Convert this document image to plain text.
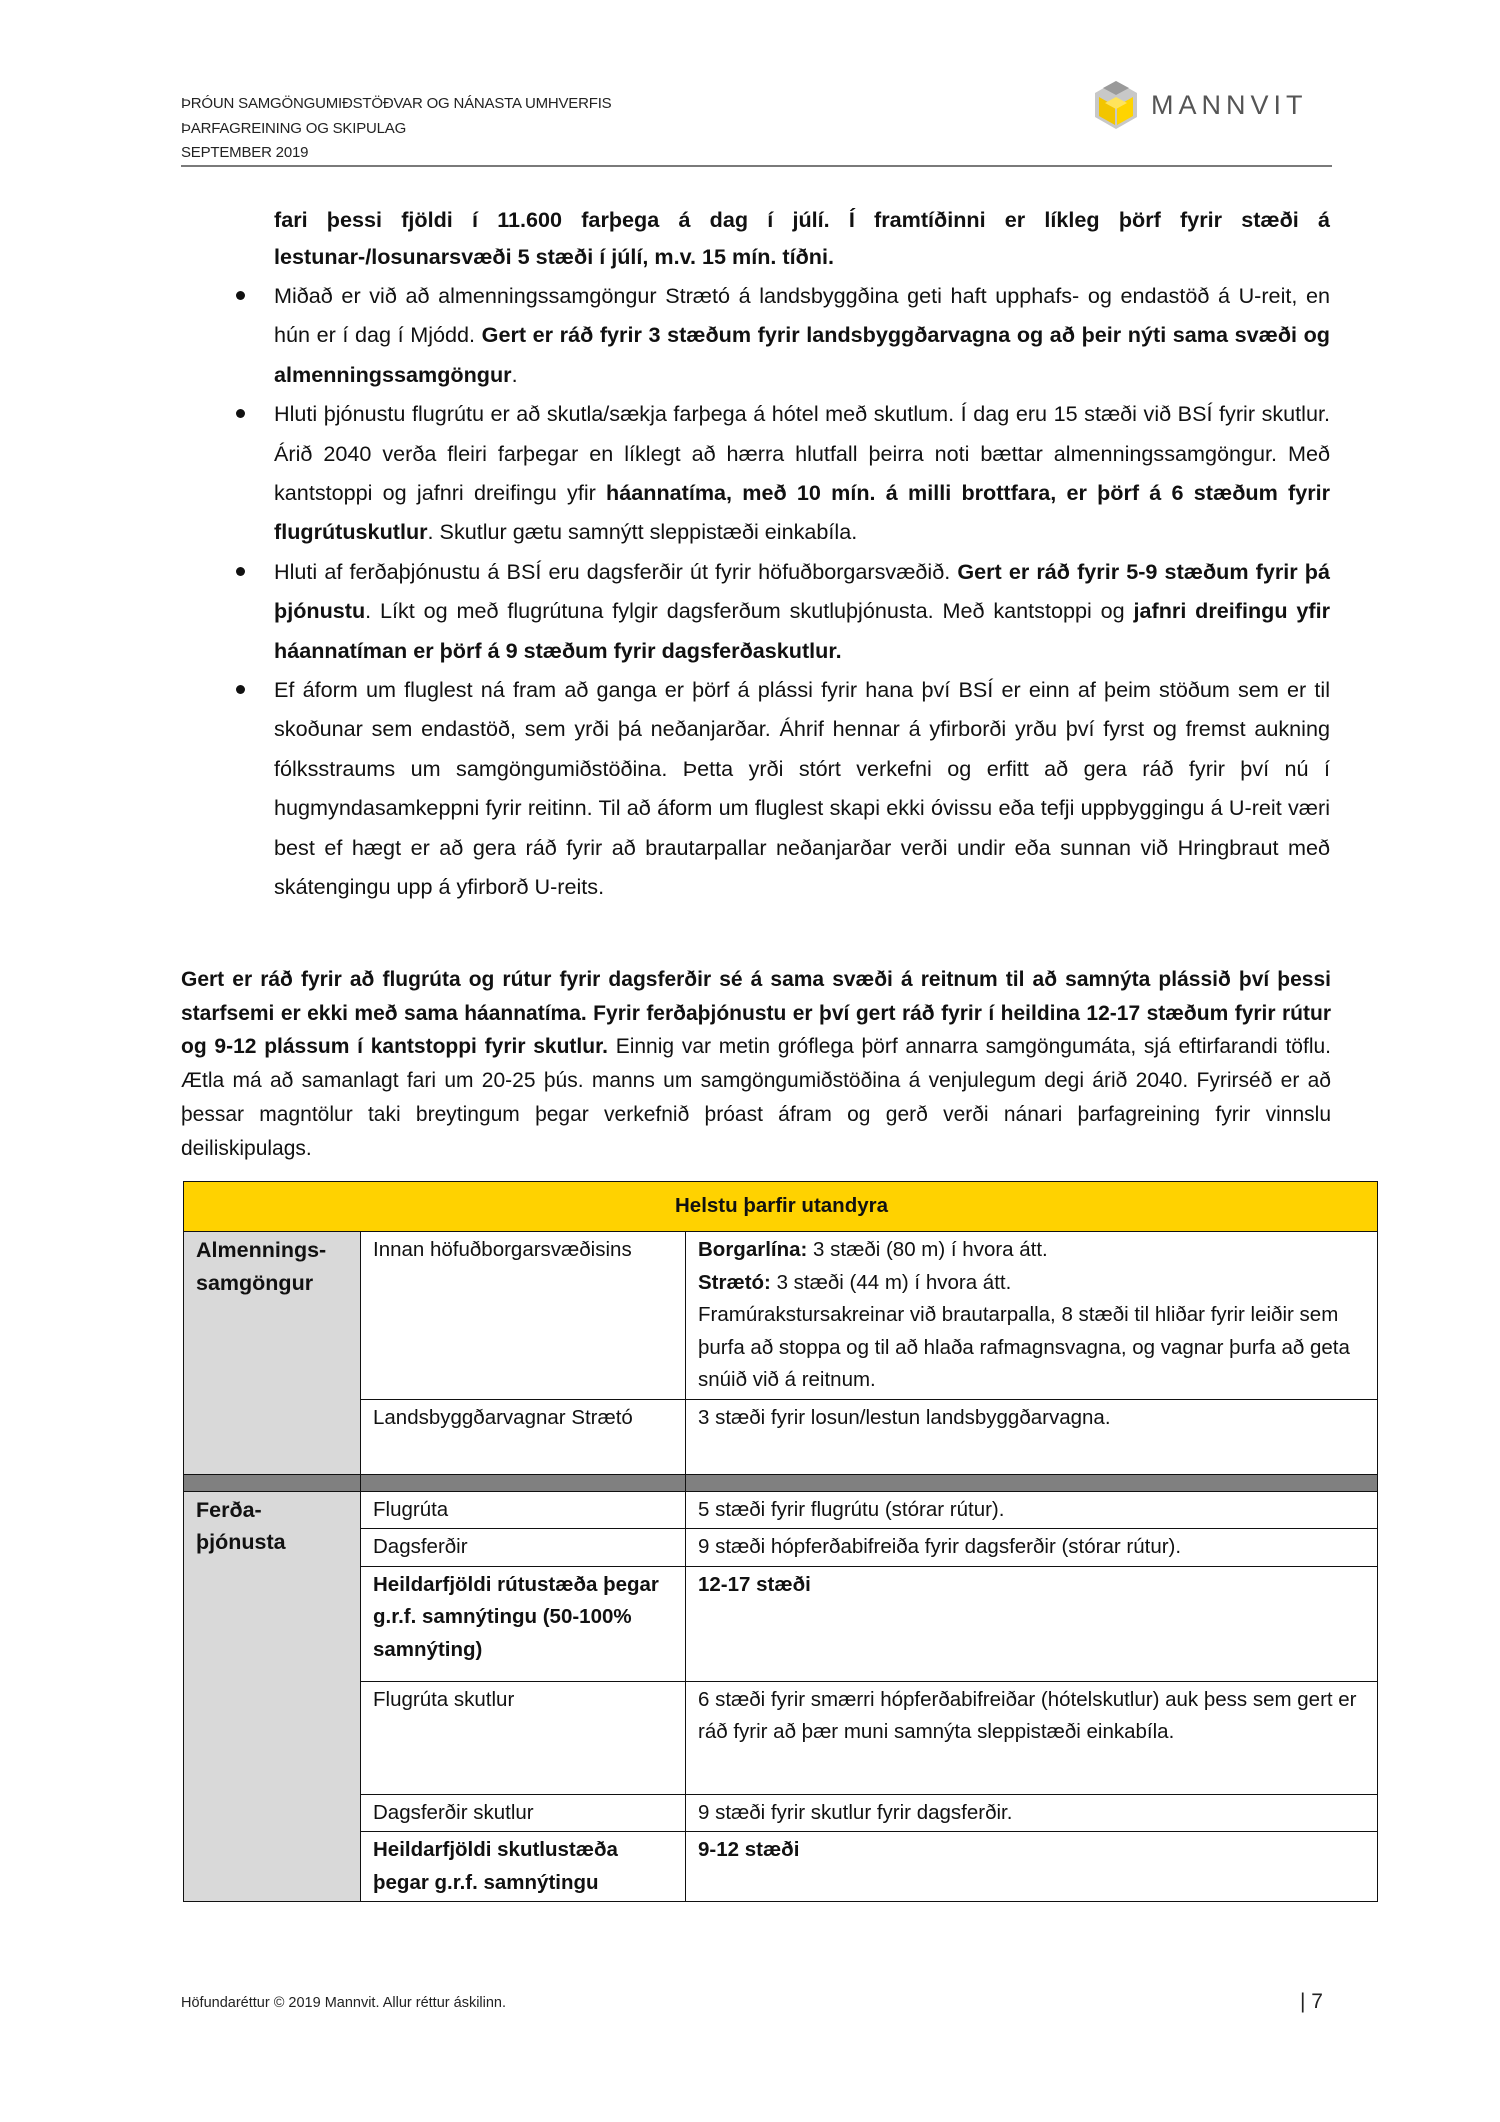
ÞRÓUN SAMGÖNGUMIÐSTÖÐVAR OG NÁNASTA UMHVERFIS
ÞARFAGREINING OG SKIPULAG
SEPTEMBER 2019
MANNVIT
fari þessi fjöldi í 11.600 farþega á dag í júlí. Í framtíðinni er líkleg þörf fyrir stæði á lestunar-/losunarsvæði 5 stæði í júlí, m.v. 15 mín. tíðni.
Miðað er við að almenningssamgöngur Strætó á landsbyggðina geti haft upphafs- og endastöð á U-reit, en hún er í dag í Mjódd. Gert er ráð fyrir 3 stæðum fyrir landsbyggðarvagna og að þeir nýti sama svæði og almenningssamgöngur.
Hluti þjónustu flugrútu er að skutla/sækja farþega á hótel með skutlum. Í dag eru 15 stæði við BSÍ fyrir skutlur. Árið 2040 verða fleiri farþegar en líklegt að hærra hlutfall þeirra noti bættar almenningssamgöngur. Með kantstoppi og jafnri dreifingu yfir háannatíma, með 10 mín. á milli brottfara, er þörf á 6 stæðum fyrir flugrútuskutlur. Skutlur gætu samnýtt sleppistæði einkabíla.
Hluti af ferðaþjónustu á BSÍ eru dagsferðir út fyrir höfuðborgarsvæðið. Gert er ráð fyrir 5-9 stæðum fyrir þá þjónustu. Líkt og með flugrútuna fylgir dagsferðum skutluþjónusta. Með kantstoppi og jafnri dreifingu yfir háannatíman er þörf á 9 stæðum fyrir dagsferðaskutlur.
Ef áform um fluglest ná fram að ganga er þörf á plássi fyrir hana því BSÍ er einn af þeim stöðum sem er til skoðunar sem endastöð, sem yrði þá neðanjarðar. Áhrif hennar á yfirborði yrðu því fyrst og fremst aukning fólksstraums um samgöngumiðstöðina. Þetta yrði stórt verkefni og erfitt að gera ráð fyrir því nú í hugmyndasamkeppni fyrir reitinn. Til að áform um fluglest skapi ekki óvissu eða tefji uppbyggingu á U-reit væri best ef hægt er að gera ráð fyrir að brautarpallar neðanjarðar verði undir eða sunnan við Hringbraut með skátengingu upp á yfirborð U-reits.
Gert er ráð fyrir að flugrúta og rútur fyrir dagsferðir sé á sama svæði á reitnum til að samnýta plássið því þessi starfsemi er ekki með sama háannatíma. Fyrir ferðaþjónustu er því gert ráð fyrir í heildina 12-17 stæðum fyrir rútur og 9-12 plássum í kantstoppi fyrir skutlur. Einnig var metin gróflega þörf annarra samgöngumáta, sjá eftirfarandi töflu. Ætla má að samanlagt fari um 20-25 þús. manns um samgöngumiðstöðina á venjulegum degi árið 2040. Fyrirséð er að þessar magntölur taki breytingum þegar verkefnið þróast áfram og gerð verði nánari þarfagreining fyrir vinnslu deiliskipulags.
Helstu þarfir utandyra		
Almennings-samgöngur	Innan höfuðborgarsvæðisins	Borgarlína: 3 stæði (80 m) í hvora átt.
Strætó: 3 stæði (44 m) í hvora átt.
Framúrakstursakreinar við brautarpalla, 8 stæði til hliðar fyrir leiðir sem þurfa að stoppa og til að hlaða rafmagnsvagna, og vagnar þurfa að geta snúið við á reitnum.
	Landsbyggðarvagnar Strætó	3 stæði fyrir losun/lestun landsbyggðarvagna.

Ferða-þjónusta	Flugrúta	5 stæði fyrir flugrútu (stórar rútur).
	Dagsferðir	9 stæði hópferðabifreiða fyrir dagsferðir (stórar rútur).
	Heildarfjöldi rútustæða þegar g.r.f. samnýtingu (50-100% samnýting)	12-17 stæði
	Flugrúta skutlur	6 stæði fyrir smærri hópferðabifreiðar (hótelskutlur) auk þess sem gert er ráð fyrir að þær muni samnýta sleppistæði einkabíla.
	Dagsferðir skutlur	9 stæði fyrir skutlur fyrir dagsferðir.
	Heildarfjöldi skutlustæða þegar g.r.f. samnýtingu	9-12 stæði
Höfundaréttur © 2019 Mannvit. Allur réttur áskilinn.	| 7
